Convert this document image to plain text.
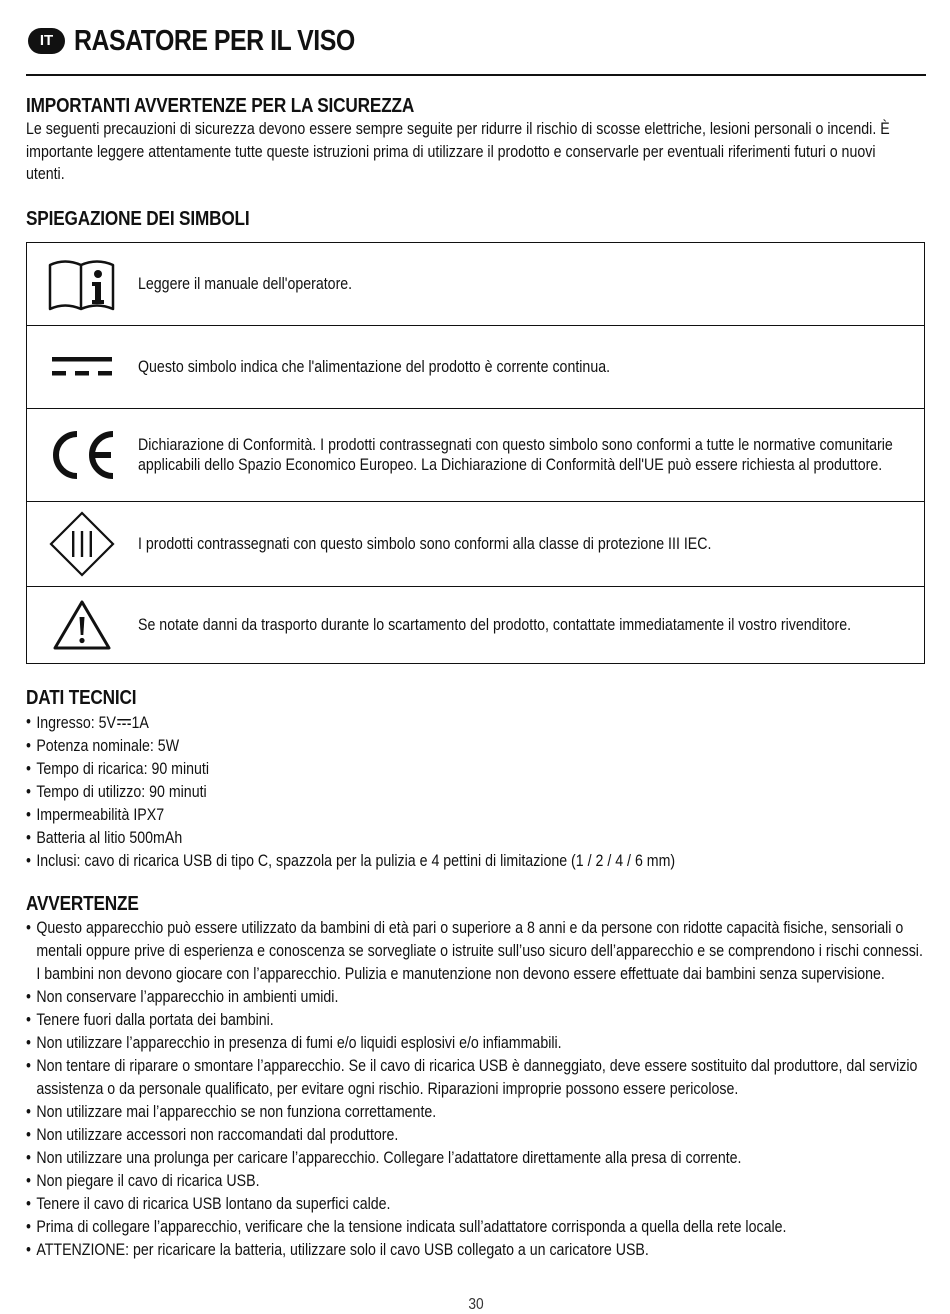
IT RASATORE PER IL VISO
IMPORTANTI AVVERTENZE PER LA SICUREZZA
Le seguenti precauzioni di sicurezza devono essere sempre seguite per ridurre il rischio di scosse elettriche, lesioni personali o incendi. È importante leggere attentamente tutte queste istruzioni prima di utilizzare il prodotto e conservarle per eventuali riferimenti futuri o nuovi utenti.
SPIEGAZIONE DEI SIMBOLI
Leggere il manuale dell'operatore.
Questo simbolo indica che l'alimentazione del prodotto è corrente continua.
Dichiarazione di Conformità. I prodotti contrassegnati con questo simbolo sono conformi a tutte le normative comunitarie applicabili dello Spazio Economico Europeo. La Dichiarazione di Conformità dell'UE può essere richiesta al produttore.
I prodotti contrassegnati con questo simbolo sono conformi alla classe di protezione III IEC.
Se notate danni da trasporto durante lo scartamento del prodotto, contattate immediatamente il vostro rivenditore.
DATI TECNICI
• Ingresso: 5V 1A
• Potenza nominale: 5W
• Tempo di ricarica: 90 minuti
• Tempo di utilizzo: 90 minuti
• Impermeabilità IPX7
• Batteria al litio 500mAh
• Inclusi: cavo di ricarica USB di tipo C, spazzola per la pulizia e 4 pettini di limitazione (1 / 2 / 4 / 6 mm)
AVVERTENZE
• Questo apparecchio può essere utilizzato da bambini di età pari o superiore a 8 anni e da persone con ridotte capacità fisiche, sensoriali o mentali oppure prive di esperienza e conoscenza se sorvegliate o istruite sull’uso sicuro dell’apparecchio e se comprendono i rischi connessi. I bambini non devono giocare con l’apparecchio. Pulizia e manutenzione non devono essere effettuate dai bambini senza supervisione.
• Non conservare l’apparecchio in ambienti umidi.
• Tenere fuori dalla portata dei bambini.
• Non utilizzare l’apparecchio in presenza di fumi e/o liquidi esplosivi e/o infiammabili.
• Non tentare di riparare o smontare l’apparecchio. Se il cavo di ricarica USB è danneggiato, deve essere sostituito dal produttore, dal servizio assistenza o da personale qualificato, per evitare ogni rischio. Riparazioni improprie possono essere pericolose.
• Non utilizzare mai l’apparecchio se non funziona correttamente.
• Non utilizzare accessori non raccomandati dal produttore.
• Non utilizzare una prolunga per caricare l’apparecchio. Collegare l’adattatore direttamente alla presa di corrente.
• Non piegare il cavo di ricarica USB.
• Tenere il cavo di ricarica USB lontano da superfici calde.
• Prima di collegare l’apparecchio, verificare che la tensione indicata sull’adattatore corrisponda a quella della rete locale.
• ATTENZIONE: per ricaricare la batteria, utilizzare solo il cavo USB collegato a un caricatore USB.
30
